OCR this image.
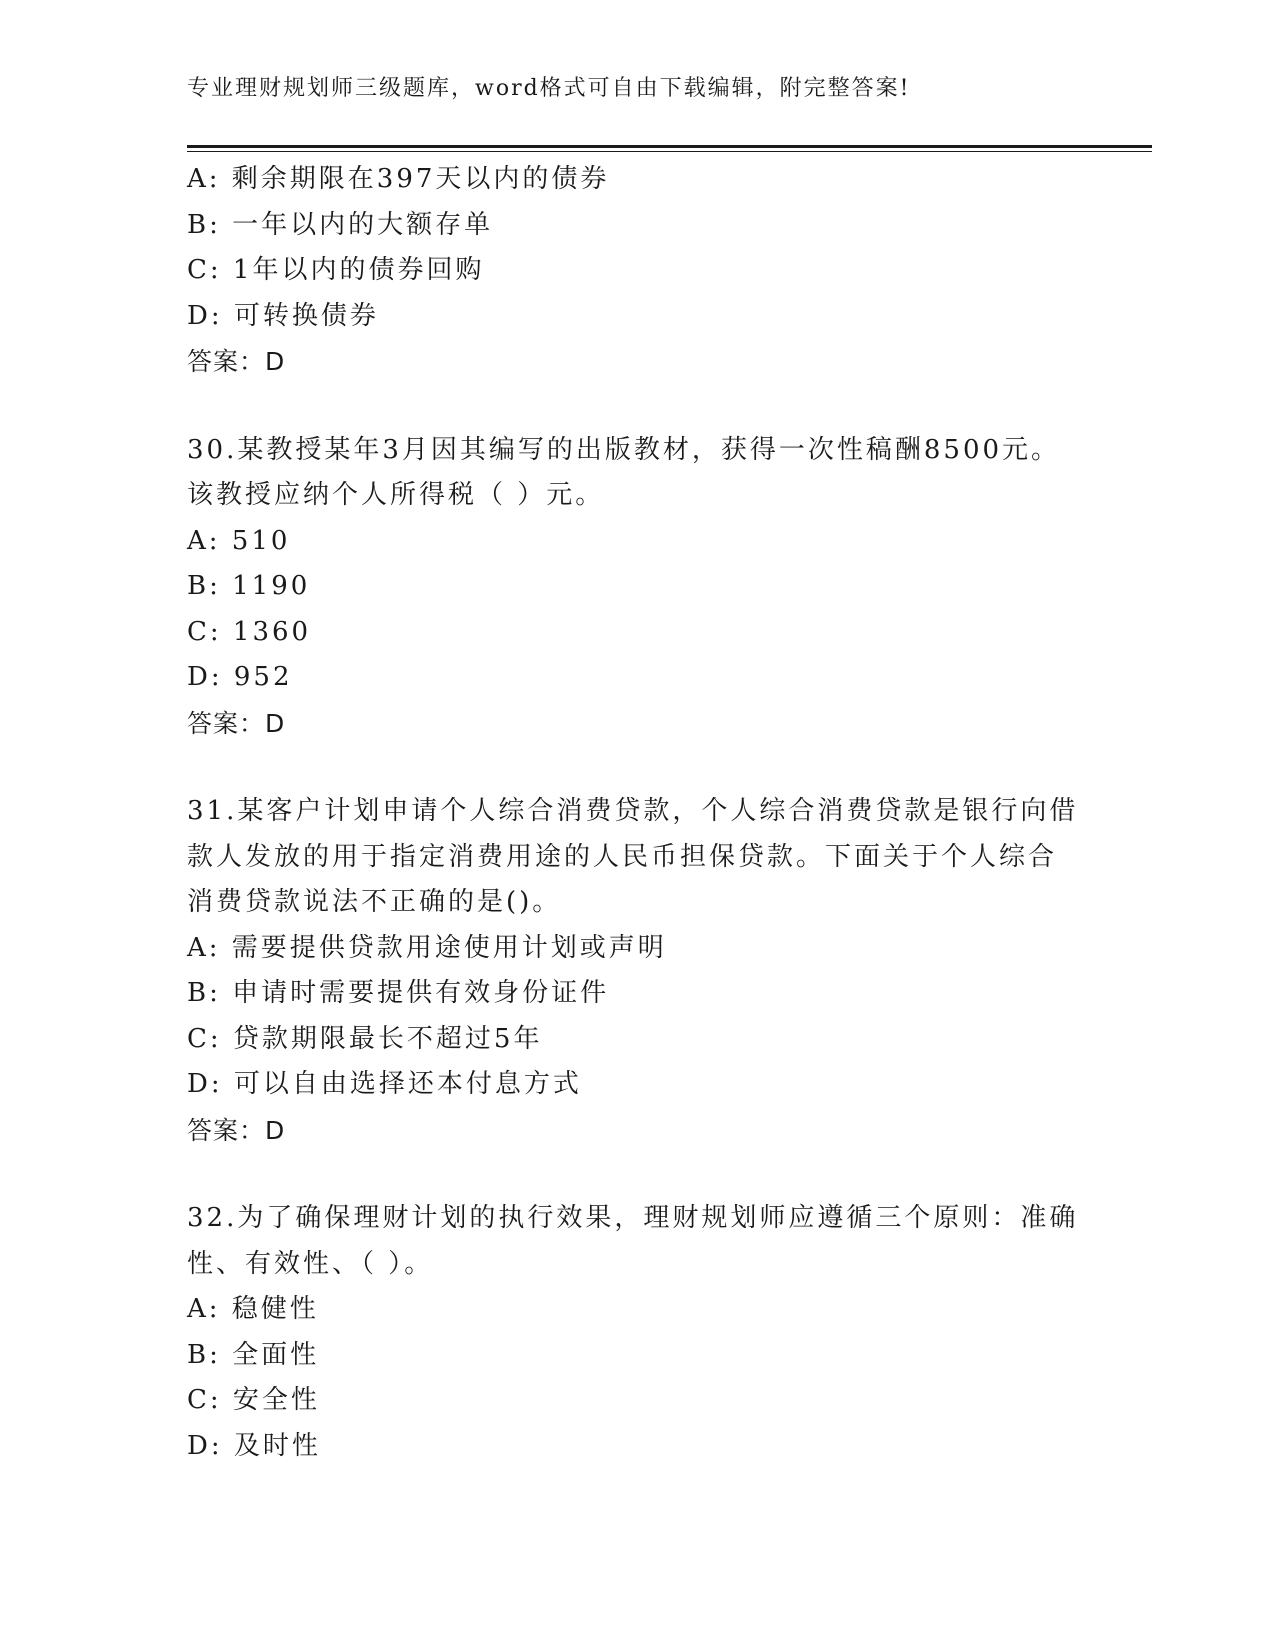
专业理财规划师三级题库，word格式可自由下载编辑，附完整答案!
A: 剩余期限在397天以内的债券
B: 一年以内的大额存单
C: 1年以内的债券回购
D: 可转换债券
答案：D
30.某教授某年3月因其编写的出版教材，获得一次性稿酬8500元。
该教授应纳个人所得税（ ）元。
A: 510
B: 1190
C: 1360
D: 952
答案：D
31.某客户计划申请个人综合消费贷款，个人综合消费贷款是银行向借
款人发放的用于指定消费用途的人民币担保贷款。下面关于个人综合
消费贷款说法不正确的是()。
A: 需要提供贷款用途使用计划或声明
B: 申请时需要提供有效身份证件
C: 贷款期限最长不超过5年
D: 可以自由选择还本付息方式
答案：D
32.为了确保理财计划的执行效果，理财规划师应遵循三个原则：准确
性、有效性、（ ）。
A: 稳健性
B: 全面性
C: 安全性
D: 及时性
